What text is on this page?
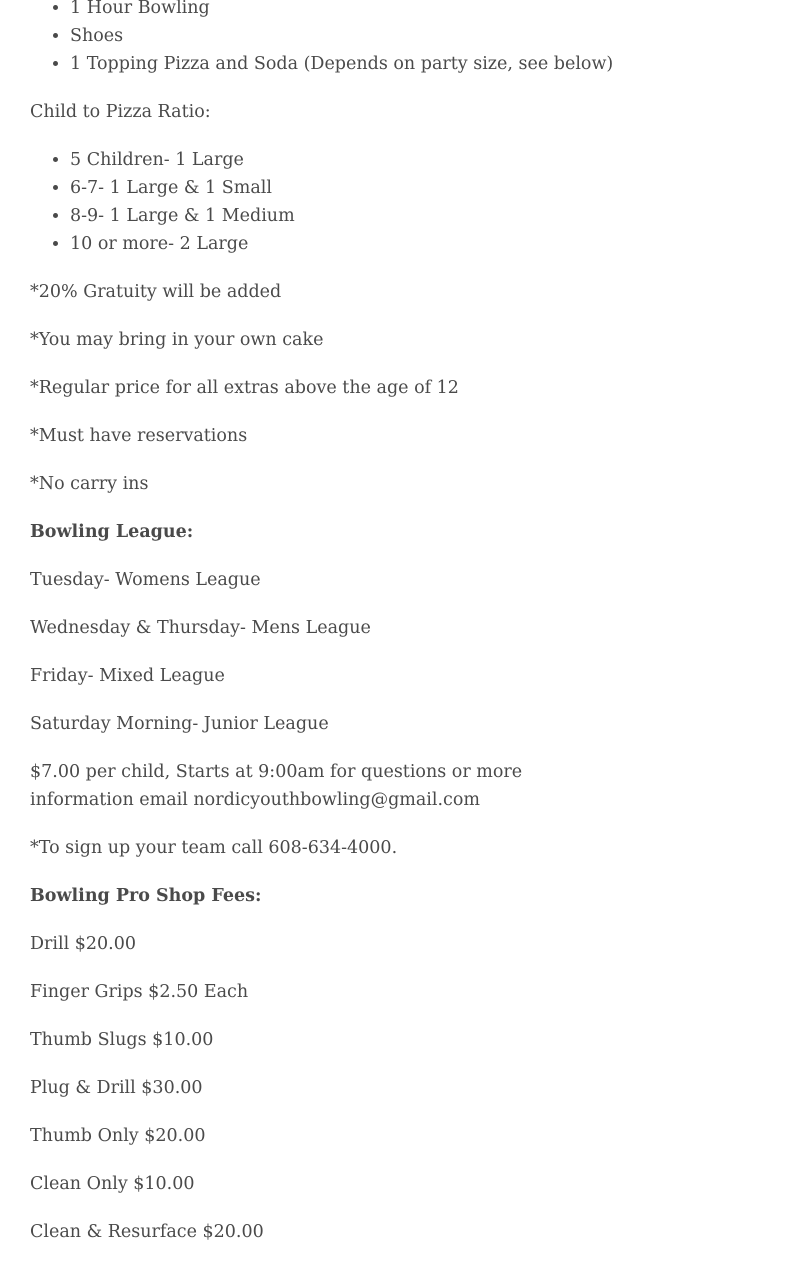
• 1 Hour Bowling
• Shoes
• 1 Topping Pizza and Soda (Depends on party size, see below)

Child to Pizza Ratio:

• 5 Children- 1 Large
• 6-7- 1 Large & 1 Small
• 8-9- 1 Large & 1 Medium
• 10 or more- 2 Large

*20% Gratuity will be added

*You may bring in your own cake

*Regular price for all extras above the age of 12

*Must have reservations

*No carry ins

Bowling League:

Tuesday- Womens League

Wednesday & Thursday- Mens League

Friday- Mixed League

Saturday Morning- Junior League

$7.00 per child, Starts at 9:00am for questions or more information email nordicyouthbowling@gmail.com

*To sign up your team call 608-634-4000.

Bowling Pro Shop Fees:

Drill $20.00

Finger Grips $2.50 Each

Thumb Slugs $10.00

Plug & Drill $30.00

Thumb Only $20.00

Clean Only $10.00

Clean & Resurface $20.00
